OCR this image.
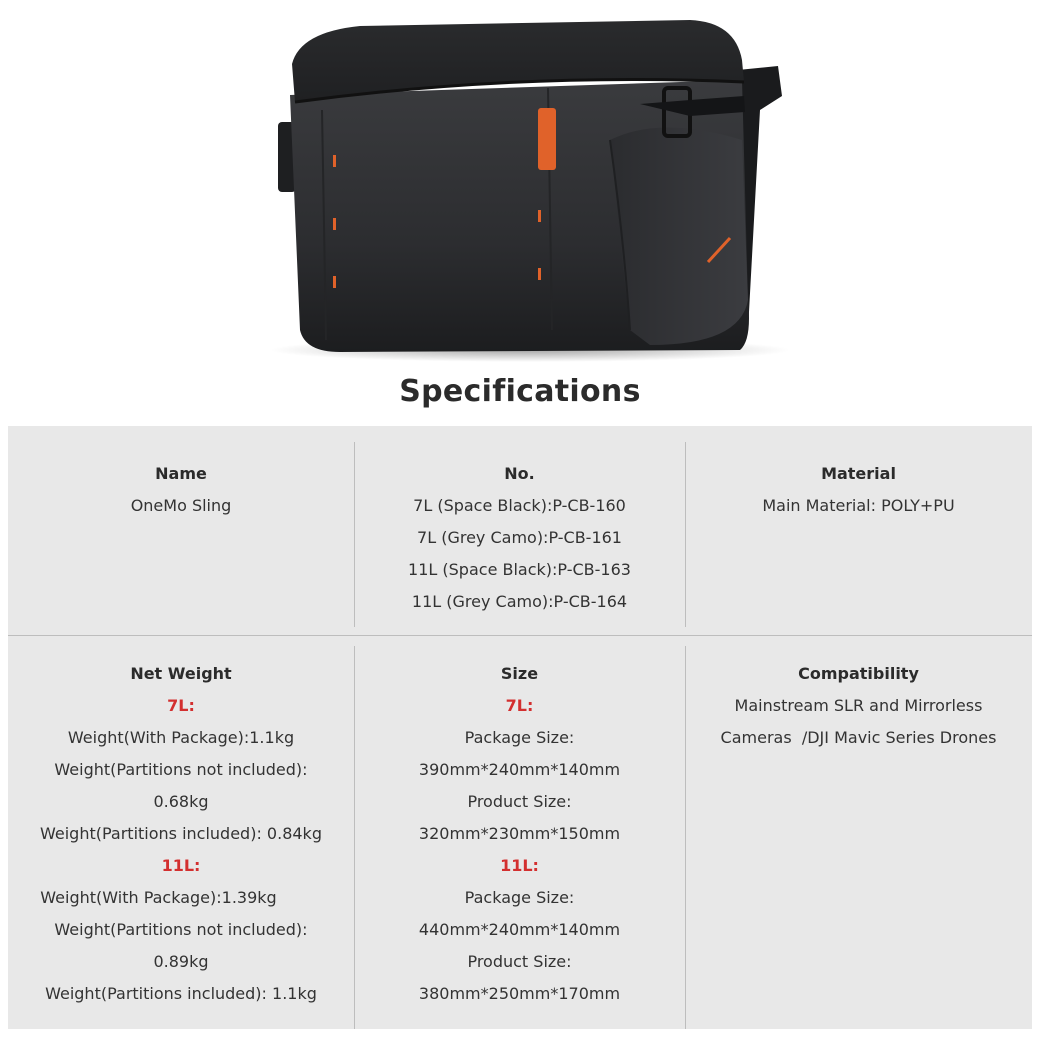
Specifications
Name
OneMo Sling
No.
7L (Space Black):P-CB-160
7L (Grey Camo):P-CB-161
11L (Space Black):P-CB-163
11L (Grey Camo):P-CB-164
Material
Main Material: POLY+PU
Net Weight
7L:
Weight(With Package):1.1kg
Weight(Partitions not included):
0.68kg
Weight(Partitions included): 0.84kg
11L:
Weight(With Package):1.39kg
Weight(Partitions not included):
0.89kg
Weight(Partitions included): 1.1kg
Size
7L:
Package Size:
390mm*240mm*140mm
Product Size:
320mm*230mm*150mm
11L:
Package Size:
440mm*240mm*140mm
Product Size:
380mm*250mm*170mm
Compatibility
Mainstream SLR and Mirrorless
Cameras  /DJI Mavic Series Drones
